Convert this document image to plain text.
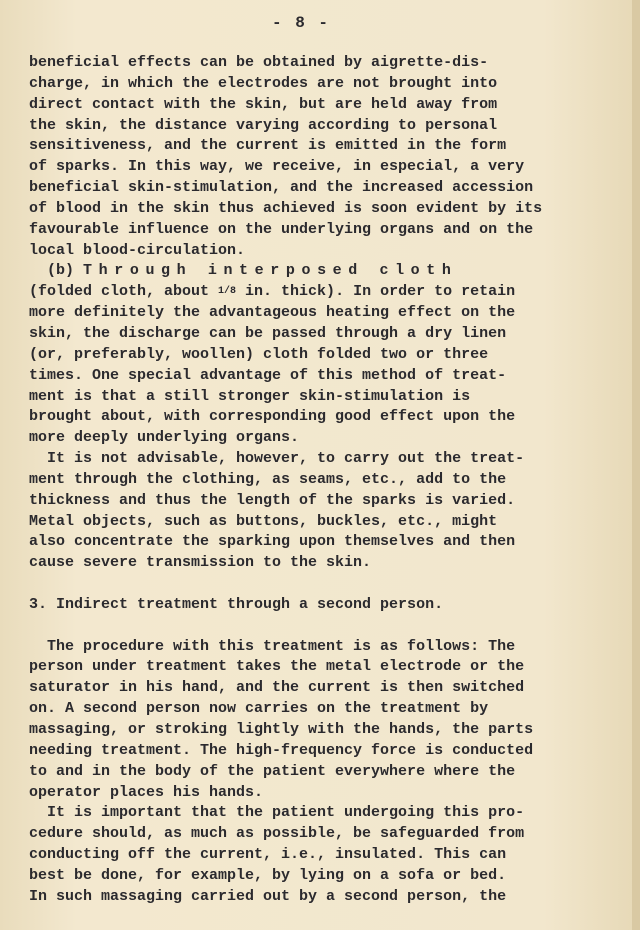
- 8 -
beneficial effects can be obtained by aigrette-dis-
charge, in which the electrodes are not brought into
direct contact with the skin, but are held away from
the skin, the distance varying according to personal
sensitiveness, and the current is emitted in the form
of sparks. In this way, we receive, in especial, a very
beneficial skin-stimulation, and the increased accession
of blood in the skin thus achieved is soon evident by its
favourable influence on the underlying organs and on the
local blood-circulation.
(b) Through interposed cloth
(folded cloth, about 1/8 in. thick). In order to retain
more definitely the advantageous heating effect on the
skin, the discharge can be passed through a dry linen
(or, preferably, woollen) cloth folded two or three
times. One special advantage of this method of treat-
ment is that a still stronger skin-stimulation is
brought about, with corresponding good effect upon the
more deeply underlying organs.
It is not advisable, however, to carry out the treat-
ment through the clothing, as seams, etc., add to the
thickness and thus the length of the sparks is varied.
Metal objects, such as buttons, buckles, etc., might
also concentrate the sparking upon themselves and then
cause severe transmission to the skin.
3. Indirect treatment through a second person.
The procedure with this treatment is as follows: The
person under treatment takes the metal electrode or the
saturator in his hand, and the current is then switched
on. A second person now carries on the treatment by
massaging, or stroking lightly with the hands, the parts
needing treatment. The high-frequency force is conducted
to and in the body of the patient everywhere where the
operator places his hands.
It is important that the patient undergoing this pro-
cedure should, as much as possible, be safeguarded from
conducting off the current, i.e., insulated. This can
best be done, for example, by lying on a sofa or bed.
In such massaging carried out by a second person, the
